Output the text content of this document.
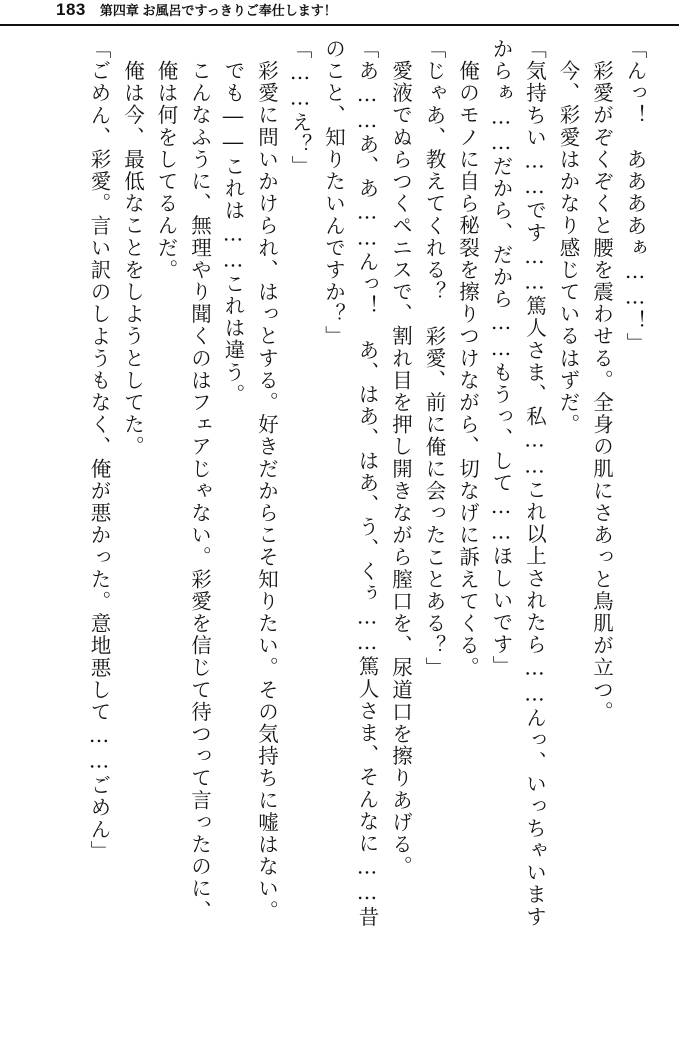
183 第四章 お風呂ですっきりご奉仕します！
「んっ！　ああああぁ……！」
彩愛がぞくぞくと腰を震わせる。全身の肌にさあっと鳥肌が立つ。
今、彩愛はかなり感じているはずだ。
「気持ちい……です……篤人さま、私……これ以上されたら……んっ、いっちゃいます
からぁ……だから、だから……もうっ、して……ほしいです」
俺のモノに自ら秘裂を擦りつけながら、切なげに訴えてくる。
「じゃあ、教えてくれる？　彩愛、前に俺に会ったことある？」
愛液でぬらつくペニスで、割れ目を押し開きながら膣口を、尿道口を擦りあげる。
「あ……あ、あ……んっ！　あ、はあ、はあ、う、くぅ……篤人さま、そんなに……昔
のこと、知りたいんですか？」
「……え？」
彩愛に問いかけられ、はっとする。好きだからこそ知りたい。その気持ちに嘘はない。
でも――これは……これは違う。
こんなふうに、無理やり聞くのはフェアじゃない。彩愛を信じて待つって言ったのに、
俺は何をしてるんだ。
俺は今、最低なことをしようとしてた。
「ごめん、彩愛。言い訳のしようもなく、俺が悪かった。意地悪して……ごめん」
